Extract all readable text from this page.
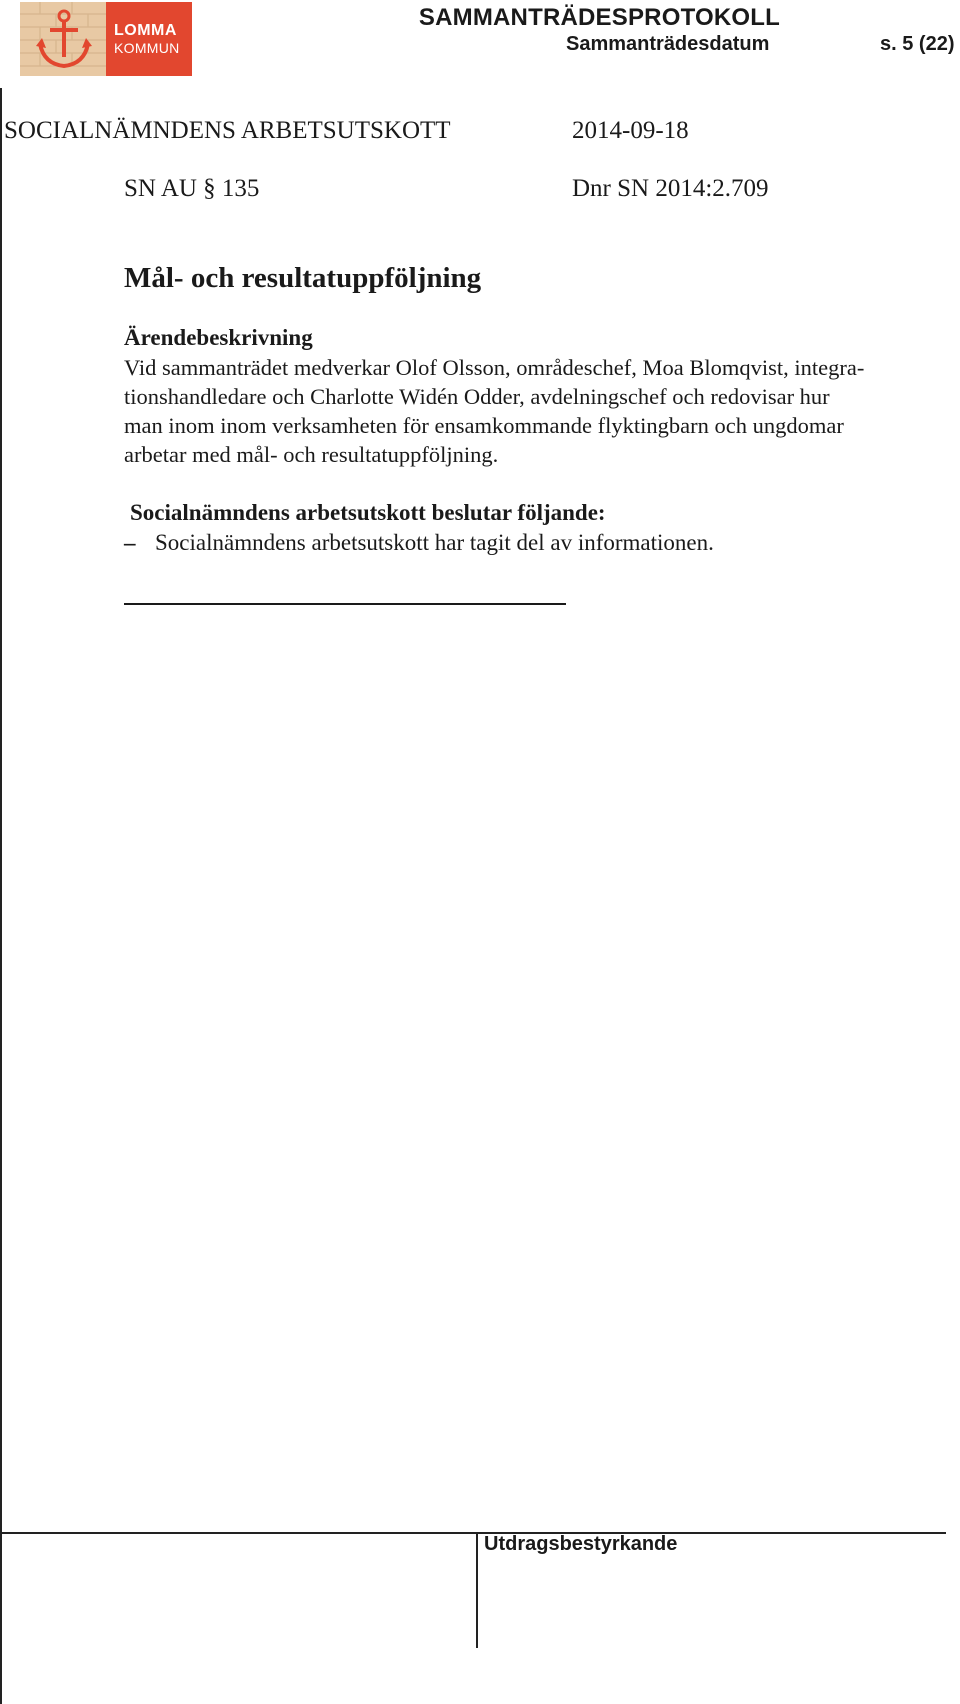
LOMMA
KOMMUN
SAMMANTRÄDESPROTOKOLL
Sammanträdesdatum	s. 5 (22)
SOCIALNÄMNDENS ARBETSUTSKOTT	2014-09-18
SN AU § 135	Dnr SN 2014:2.709
Mål- och resultatuppföljning
Ärendebeskrivning
Vid sammanträdet medverkar Olof Olsson, områdeschef, Moa Blomqvist, integra-
tionshandledare och Charlotte Widén Odder, avdelningschef och redovisar hur
man inom inom verksamheten för ensamkommande flyktingbarn och ungdomar
arbetar med mål- och resultatuppföljning.
Socialnämndens arbetsutskott beslutar följande:
– Socialnämndens arbetsutskott har tagit del av informationen.
Utdragsbestyrkande
